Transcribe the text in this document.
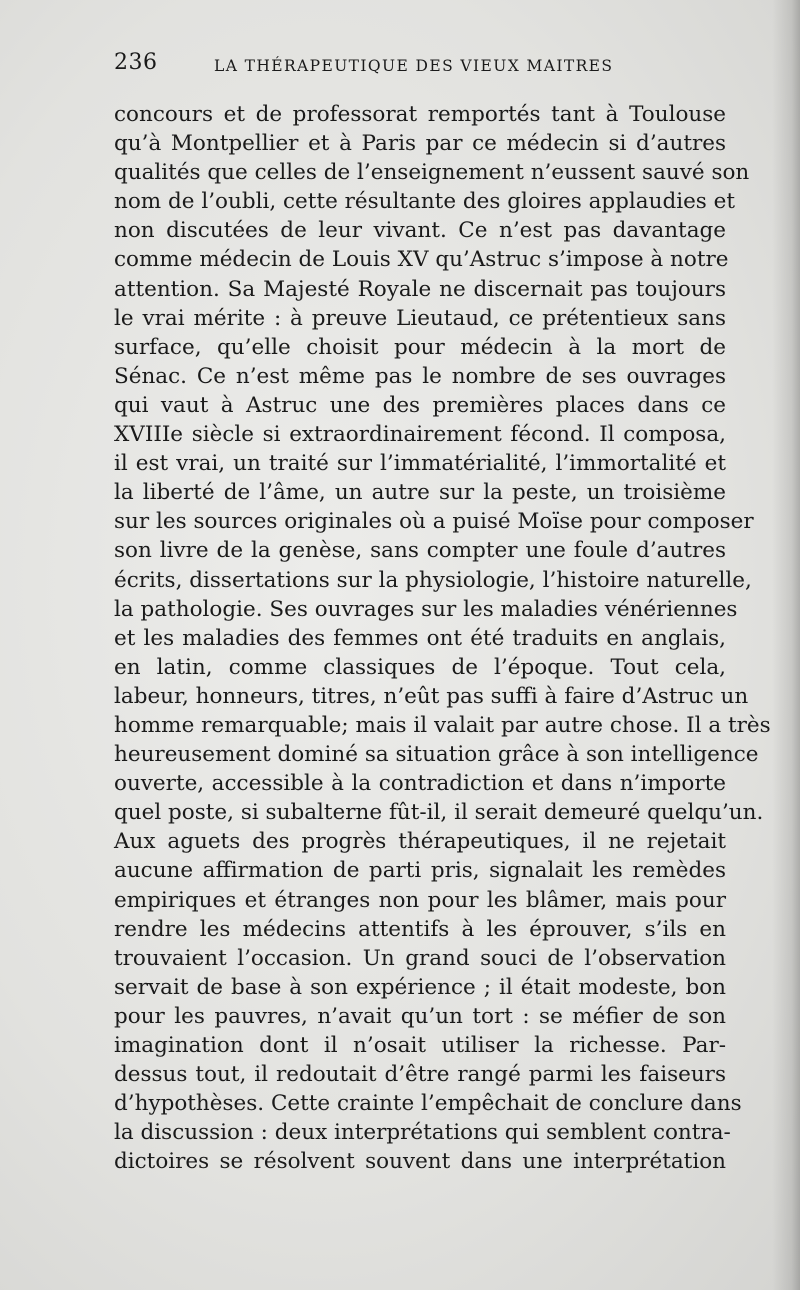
236	LA THÉRAPEUTIQUE DES VIEUX MAITRES
concours et de professorat remportés tant à Toulouse
qu’à Montpellier et à Paris par ce médecin si d’autres
qualités que celles de l’enseignement n’eussent sauvé son
nom de l’oubli, cette résultante des gloires applaudies et
non discutées de leur vivant. Ce n’est pas davantage
comme médecin de Louis XV qu’Astruc s’impose à notre
attention. Sa Majesté Royale ne discernait pas toujours
le vrai mérite : à preuve Lieutaud, ce prétentieux sans
surface, qu’elle choisit pour médecin à la mort de
Sénac. Ce n’est même pas le nombre de ses ouvrages
qui vaut à Astruc une des premières places dans ce
XVIIIe siècle si extraordinairement fécond. Il composa,
il est vrai, un traité sur l’immatérialité, l’immortalité et
la liberté de l’âme, un autre sur la peste, un troisième
sur les sources originales où a puisé Moïse pour composer
son livre de la genèse, sans compter une foule d’autres
écrits, dissertations sur la physiologie, l’histoire naturelle,
la pathologie. Ses ouvrages sur les maladies vénériennes
et les maladies des femmes ont été traduits en anglais,
en latin, comme classiques de l’époque. Tout cela,
labeur, honneurs, titres, n’eût pas suffi à faire d’Astruc un
homme remarquable; mais il valait par autre chose. Il a très
heureusement dominé sa situation grâce à son intelligence
ouverte, accessible à la contradiction et dans n’importe
quel poste, si subalterne fût-il, il serait demeuré quelqu’un.
Aux aguets des progrès thérapeutiques, il ne rejetait
aucune affirmation de parti pris, signalait les remèdes
empiriques et étranges non pour les blâmer, mais pour
rendre les médecins attentifs à les éprouver, s’ils en
trouvaient l’occasion. Un grand souci de l’observation
servait de base à son expérience ; il était modeste, bon
pour les pauvres, n’avait qu’un tort : se méfier de son
imagination dont il n’osait utiliser la richesse. Par-
dessus tout, il redoutait d’être rangé parmi les faiseurs
d’hypothèses. Cette crainte l’empêchait de conclure dans
la discussion : deux interprétations qui semblent contra-
dictoires se résolvent souvent dans une interprétation
